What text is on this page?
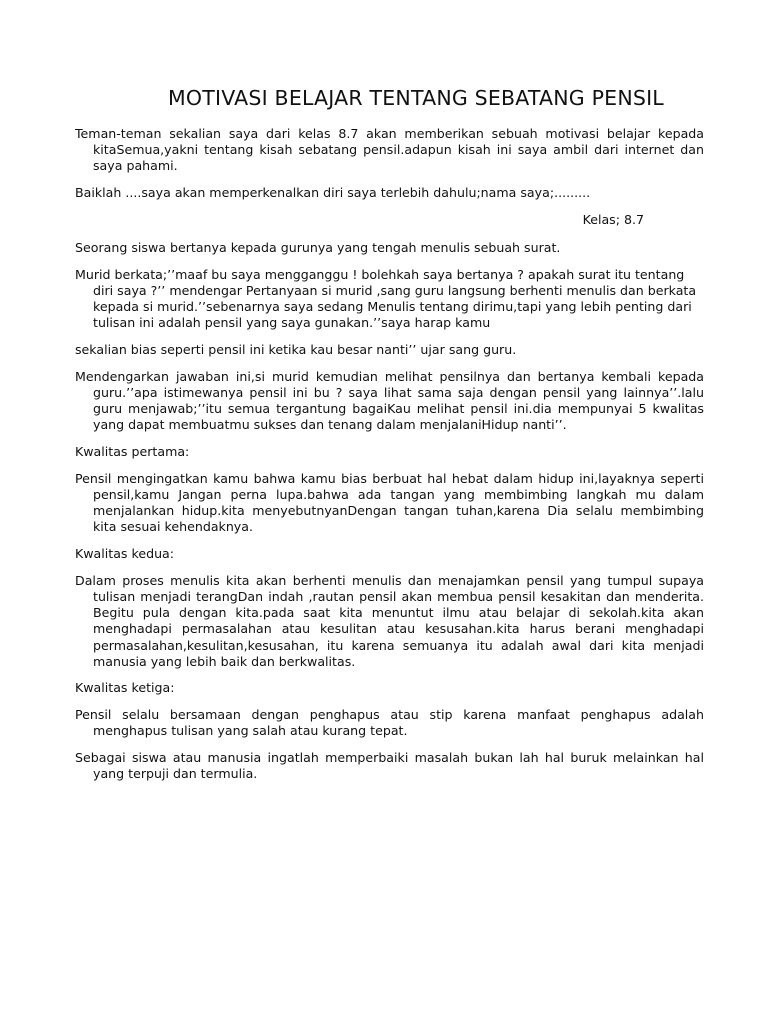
MOTIVASI BELAJAR TENTANG SEBATANG PENSIL

Teman-teman sekalian saya dari kelas 8.7 akan memberikan sebuah motivasi belajar kepada kitaSemua,yakni tentang kisah sebatang pensil.adapun kisah ini saya ambil dari internet dan saya pahami.

Baiklah ....saya akan memperkenalkan diri saya terlebih dahulu;nama saya;.........

Kelas; 8.7

Seorang siswa bertanya kepada gurunya yang tengah menulis sebuah surat.

Murid berkata;’’maaf bu saya mengganggu ! bolehkah saya bertanya ? apakah surat itu tentang diri saya ?’’ mendengar Pertanyaan si murid ,sang guru langsung berhenti menulis dan berkata kepada si murid.’’sebenarnya saya sedang Menulis tentang dirimu,tapi yang lebih penting dari tulisan ini adalah pensil yang saya gunakan.’’saya harap kamu

sekalian bias seperti pensil ini ketika kau besar nanti’’ ujar sang guru.

Mendengarkan jawaban ini,si murid kemudian melihat pensilnya dan bertanya kembali kepada guru.’’apa istimewanya pensil ini bu ? saya lihat sama saja dengan pensil yang lainnya’’.lalu guru menjawab;’’itu semua tergantung bagaiKau melihat pensil ini.dia mempunyai 5 kwalitas yang dapat membuatmu sukses dan tenang dalam menjalaniHidup nanti’’.

Kwalitas pertama:

Pensil mengingatkan kamu bahwa kamu bias berbuat hal hebat dalam hidup ini,layaknya seperti pensil,kamu Jangan perna lupa.bahwa ada tangan yang membimbing langkah mu dalam menjalankan hidup.kita menyebutnyanDengan tangan tuhan,karena Dia selalu membimbing kita sesuai kehendaknya.

Kwalitas kedua:

Dalam proses menulis kita akan berhenti menulis dan menajamkan pensil yang tumpul supaya tulisan menjadi terangDan indah ,rautan pensil akan membua pensil kesakitan dan menderita. Begitu pula dengan kita.pada saat kita menuntut ilmu atau belajar di sekolah.kita akan menghadapi permasalahan atau kesulitan atau kesusahan.kita harus berani menghadapi permasalahan,kesulitan,kesusahan, itu karena semuanya itu adalah awal dari kita menjadi manusia yang lebih baik dan berkwalitas.

Kwalitas ketiga:

Pensil selalu bersamaan dengan penghapus atau stip karena manfaat penghapus adalah menghapus tulisan yang salah atau kurang tepat.

Sebagai siswa atau manusia ingatlah memperbaiki masalah bukan lah hal buruk melainkan hal yang terpuji dan termulia.
